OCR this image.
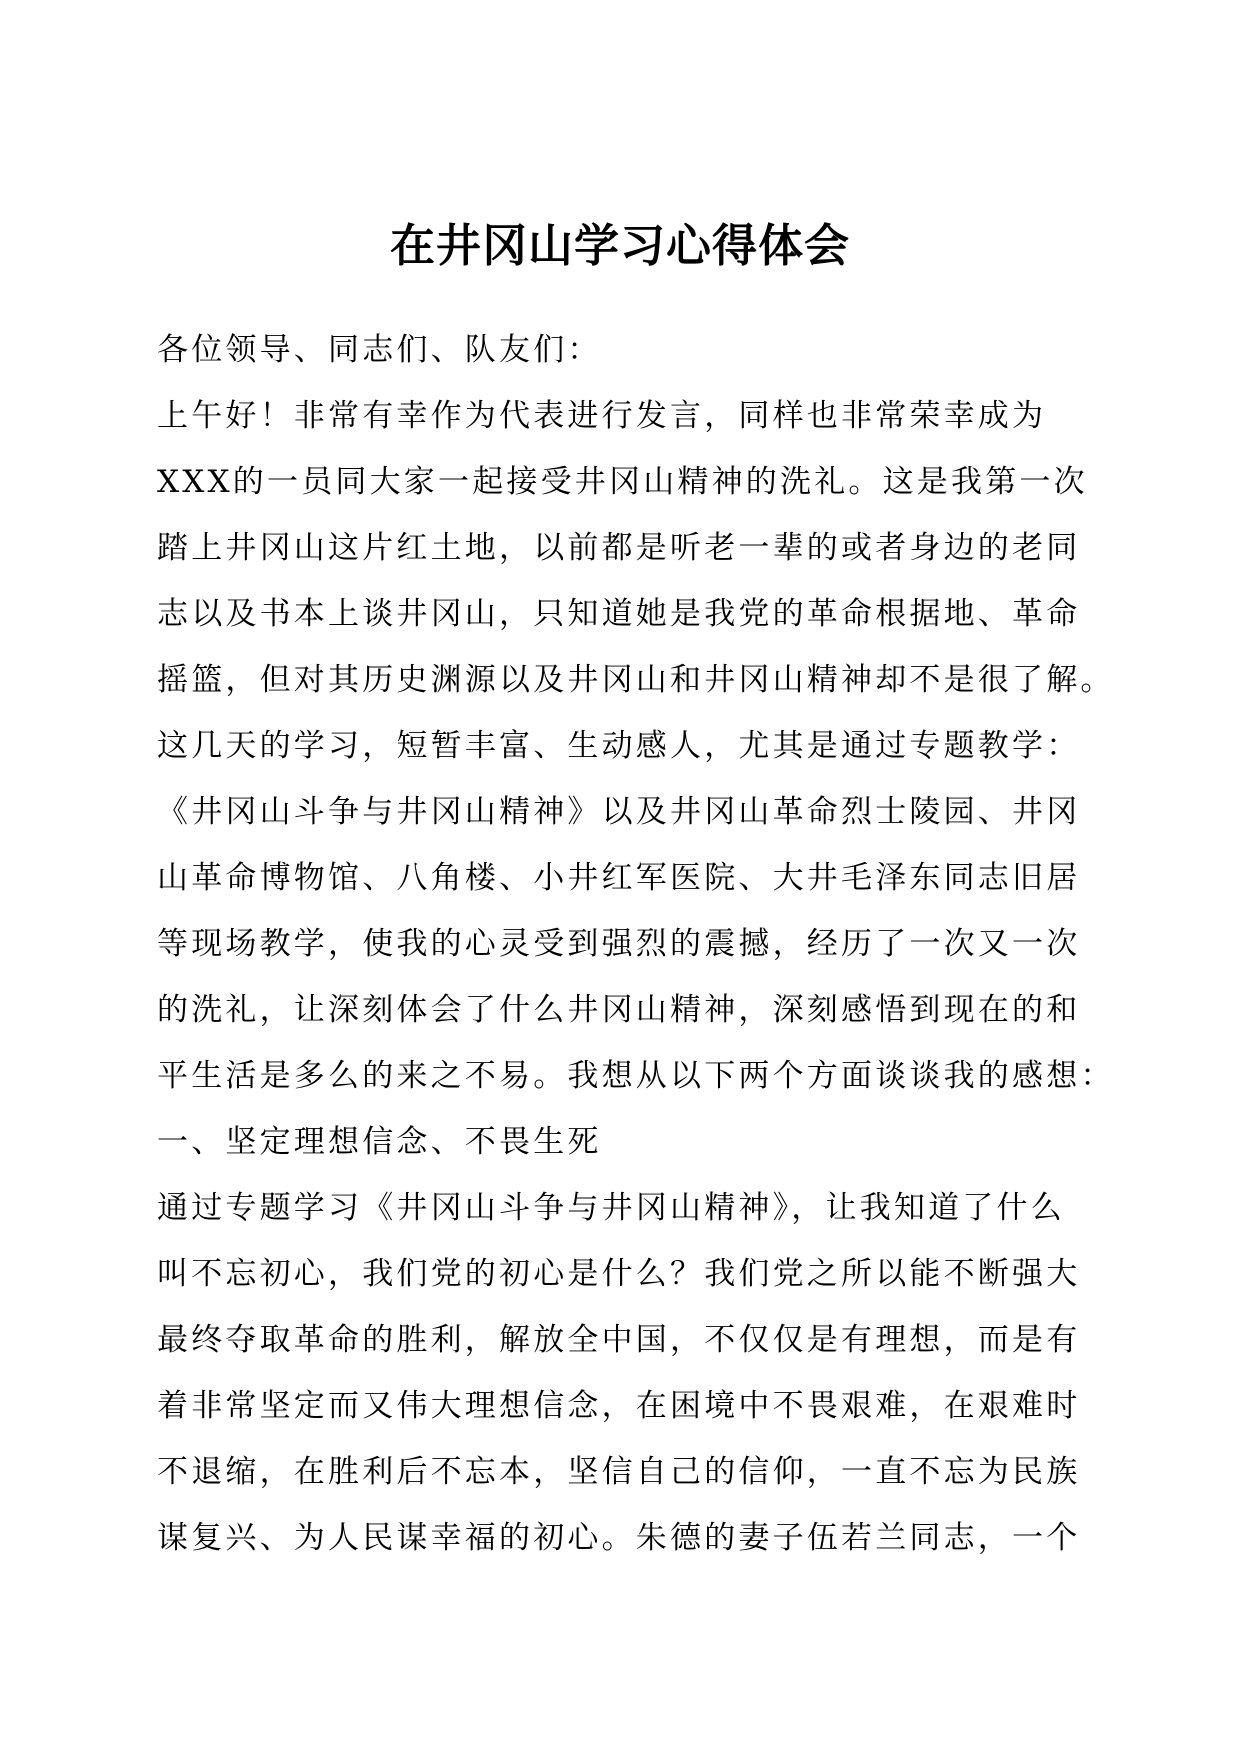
在井冈山学习心得体会
各位领导、同志们、队友们：
上午好！非常有幸作为代表进行发言，同样也非常荣幸成为
XXX的一员同大家一起接受井冈山精神的洗礼。这是我第一次
踏上井冈山这片红土地，以前都是听老一辈的或者身边的老同
志以及书本上谈井冈山，只知道她是我党的革命根据地、革命
摇篮，但对其历史渊源以及井冈山和井冈山精神却不是很了解。
这几天的学习，短暂丰富、生动感人，尤其是通过专题教学：
《井冈山斗争与井冈山精神》以及井冈山革命烈士陵园、井冈
山革命博物馆、八角楼、小井红军医院、大井毛泽东同志旧居
等现场教学，使我的心灵受到强烈的震撼，经历了一次又一次
的洗礼，让深刻体会了什么井冈山精神，深刻感悟到现在的和
平生活是多么的来之不易。我想从以下两个方面谈谈我的感想：
一、坚定理想信念、不畏生死
通过专题学习《井冈山斗争与井冈山精神》，让我知道了什么
叫不忘初心，我们党的初心是什么？我们党之所以能不断强大
最终夺取革命的胜利，解放全中国，不仅仅是有理想，而是有
着非常坚定而又伟大理想信念，在困境中不畏艰难，在艰难时
不退缩，在胜利后不忘本，坚信自己的信仰，一直不忘为民族
谋复兴、为人民谋幸福的初心。朱德的妻子伍若兰同志，一个
